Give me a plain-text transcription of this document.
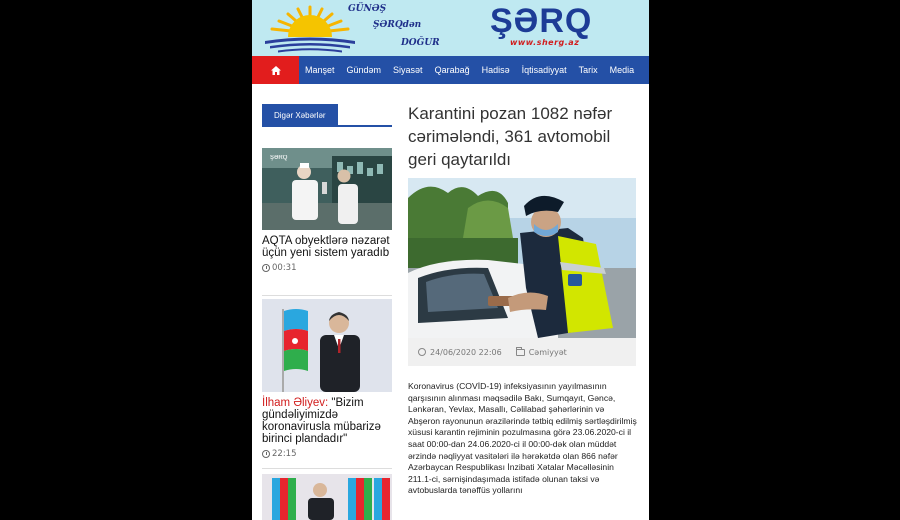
GÜNƏŞ
ŞƏRQdən
DOĞUR
ŞƏRQ
www.sherg.az
Manşet	Gündəm	Siyasət	Qarabağ	Hadisə	İqtisadiyyat	Tarix	Media
Digər Xəbərlər
ŞƏRQ
AQTA obyektlərə nəzarət üçün yeni sistem yaradıb
00:31
İlham Əliyev: "Bizim gündəliyimizdə koronavirusla mübarizə birinci plandadır"
22:15
Karantini pozan 1082 nəfər cərimələndi, 361 avtomobil geri qaytarıldı
24/06/2020 22:06	Cəmiyyət

Koronavirus (COVİD-19) infeksiyasının yayılmasının qarşısının alınması məqsədilə Bakı, Sumqayıt, Gəncə, Lənkəran, Yevlax, Masallı, Cəlilabad şəhərlərinin və Abşeron rayonunun ərazilərində tətbiq edilmiş sərtləşdirilmiş xüsusi karantin rejiminin pozulmasına görə 23.06.2020-ci il saat 00:00-dan 24.06.2020-ci il 00:00-dək olan müddət ərzində nəqliyyat vasitələri ilə hərəkətdə olan 866 nəfər Azərbaycan Respublikası İnzibati Xətalar Məcəlləsinin 211.1-ci, sərnişindaşımada istifadə olunan taksi və avtobuslarda tənəffüs yollarını
